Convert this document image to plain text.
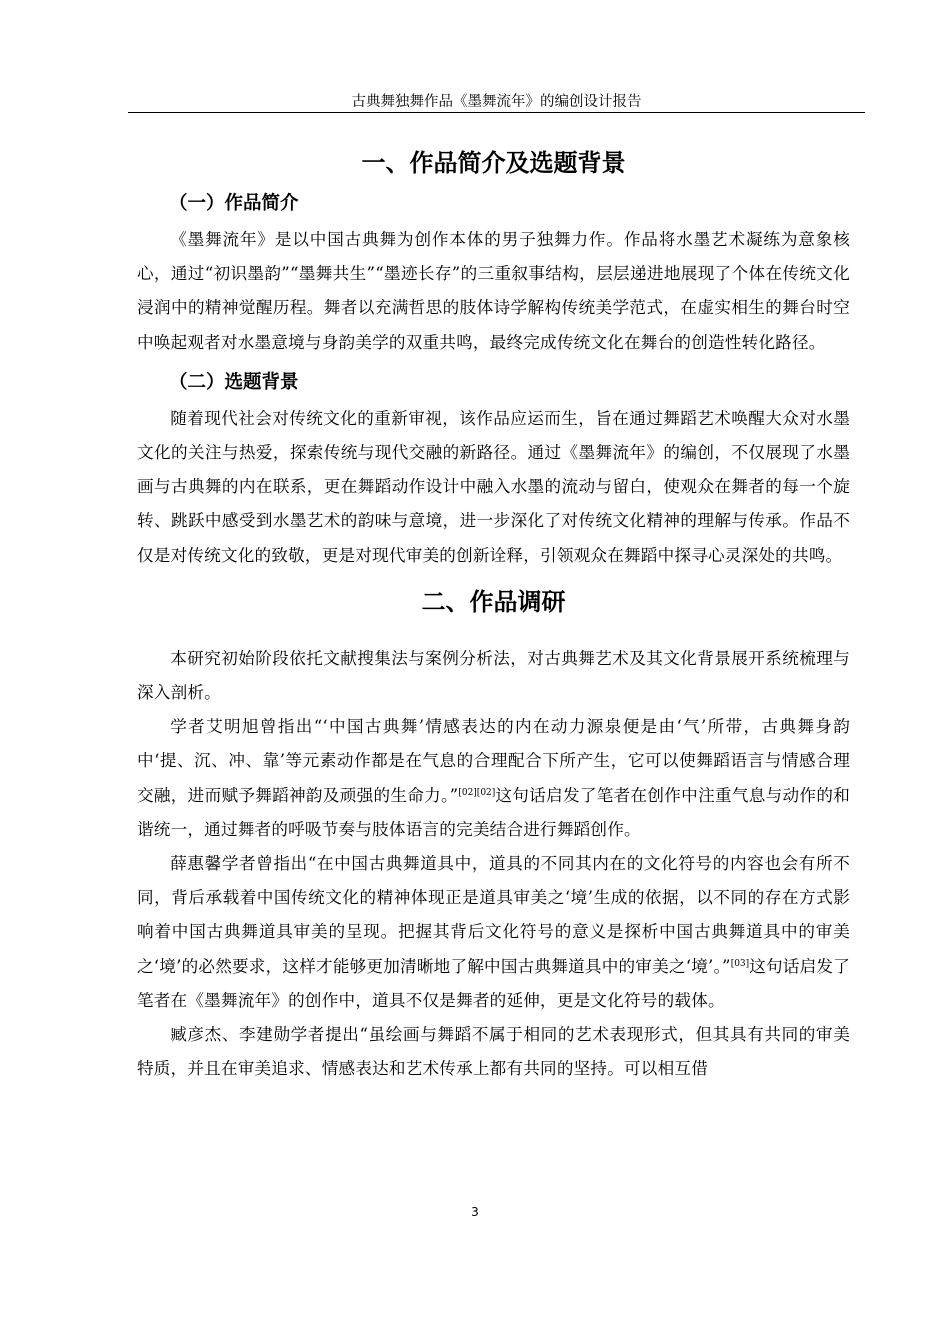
古典舞独舞作品《墨舞流年》的编创设计报告
一、作品简介及选题背景
（一）作品简介

《墨舞流年》是以中国古典舞为创作本体的男子独舞力作。作品将水墨艺术凝练为意象核心，通过“初识墨韵”“墨舞共生”“墨迹长存”的三重叙事结构，层层递进地展现了个体在传统文化浸润中的精神觉醒历程。舞者以充满哲思的肢体诗学解构传统美学范式，在虚实相生的舞台时空中唤起观者对水墨意境与身韵美学的双重共鸣，最终完成传统文化在舞台的创造性转化路径。

（二）选题背景

随着现代社会对传统文化的重新审视，该作品应运而生，旨在通过舞蹈艺术唤醒大众对水墨文化的关注与热爱，探索传统与现代交融的新路径。通过《墨舞流年》的编创，不仅展现了水墨画与古典舞的内在联系，更在舞蹈动作设计中融入水墨的流动与留白，使观众在舞者的每一个旋转、跳跃中感受到水墨艺术的韵味与意境，进一步深化了对传统文化精神的理解与传承。作品不仅是对传统文化的致敬，更是对现代审美的创新诠释，引领观众在舞蹈中探寻心灵深处的共鸣。

二、作品调研

本研究初始阶段依托文献搜集法与案例分析法，对古典舞艺术及其文化背景展开系统梳理与深入剖析。

学者艾明旭曾指出“‘中国古典舞’情感表达的内在动力源泉便是由‘气’所带，古典舞身韵中‘提、沉、冲、靠’等元素动作都是在气息的合理配合下所产生，它可以使舞蹈语言与情感合理交融，进而赋予舞蹈神韵及顽强的生命力。”[02][02]这句话启发了笔者在创作中注重气息与动作的和谐统一，通过舞者的呼吸节奏与肢体语言的完美结合进行舞蹈创作。

薛惠馨学者曾指出“在中国古典舞道具中，道具的不同其内在的文化符号的内容也会有所不同，背后承载着中国传统文化的精神体现正是道具审美之‘境’生成的依据，以不同的存在方式影响着中国古典舞道具审美的呈现。把握其背后文化符号的意义是探析中国古典舞道具中的审美之‘境’的必然要求，这样才能够更加清晰地了解中国古典舞道具中的审美之‘境’。”[03]这句话启发了笔者在《墨舞流年》的创作中，道具不仅是舞者的延伸，更是文化符号的载体。

臧彦杰、李建勋学者提出“虽绘画与舞蹈不属于相同的艺术表现形式，但其具有共同的审美特质，并且在审美追求、情感表达和艺术传承上都有共同的坚持。可以相互借

3
